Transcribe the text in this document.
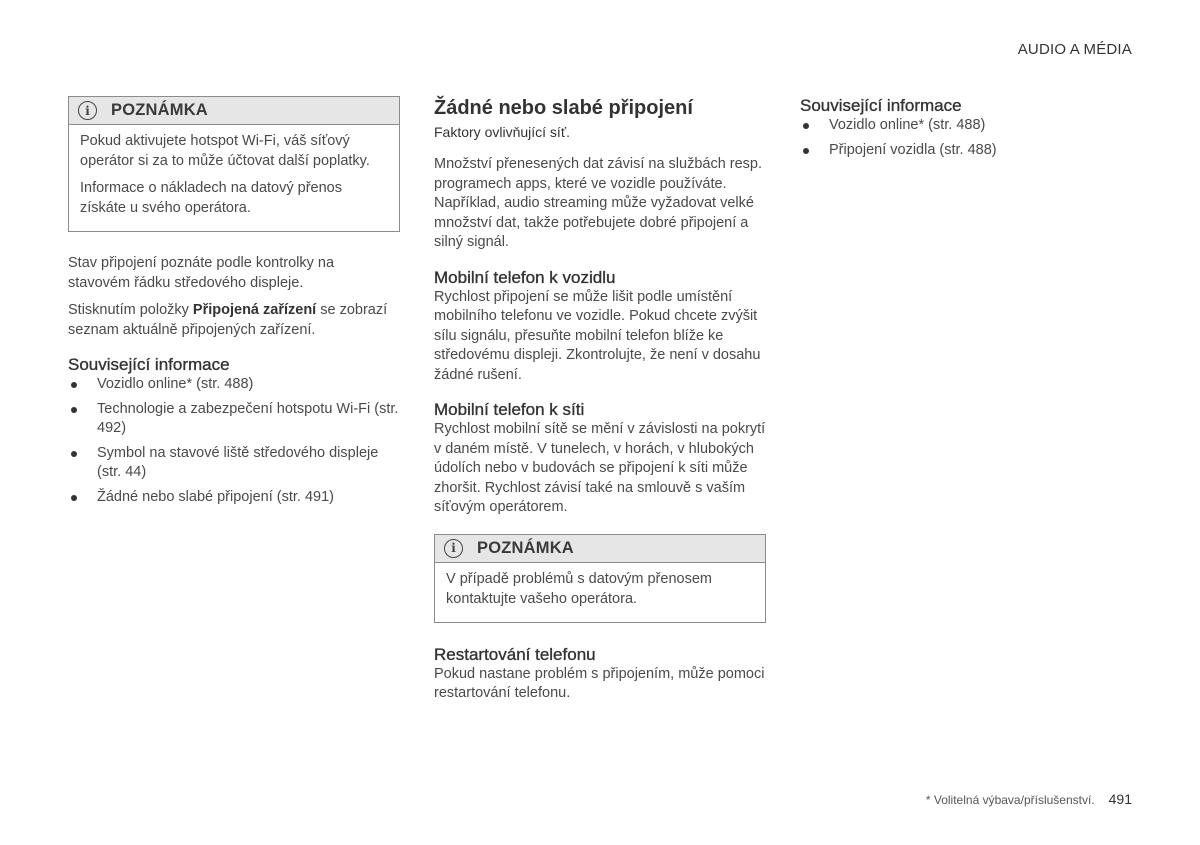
AUDIO A MÉDIA
i	POZNÁMKA

Pokud aktivujete hotspot Wi-Fi, váš síťový operátor si za to může účtovat další poplatky.

Informace o nákladech na datový přenos získáte u svého operátora.

Stav připojení poznáte podle kontrolky na stavovém řádku středového displeje.

Stisknutím položky Připojená zařízení se zobrazí seznam aktuálně připojených zařízení.

Související informace
Vozidlo online* (str. 488)
Technologie a zabezpečení hotspotu Wi-Fi (str. 492)
Symbol na stavové liště středového displeje (str. 44)
Žádné nebo slabé připojení (str. 491)
Žádné nebo slabé připojení

Faktory ovlivňující síť.

Množství přenesených dat závisí na službách resp. programech apps, které ve vozidle používáte. Například, audio streaming může vyžadovat velké množství dat, takže potřebujete dobré připojení a silný signál.

Mobilní telefon k vozidlu

Rychlost připojení se může lišit podle umístění mobilního telefonu ve vozidle. Pokud chcete zvýšit sílu signálu, přesuňte mobilní telefon blíže ke středovému displeji. Zkontrolujte, že není v dosahu žádné rušení.

Mobilní telefon k síti

Rychlost mobilní sítě se mění v závislosti na pokrytí v daném místě. V tunelech, v horách, v hlubokých údolích nebo v budovách se připojení k síti může zhoršit. Rychlost závisí také na smlouvě s vaším síťovým operátorem.

i	POZNÁMKA

V případě problémů s datovým přenosem kontaktujte vašeho operátora.

Restartování telefonu

Pokud nastane problém s připojením, může pomoci restartování telefonu.

Související informace
Vozidlo online* (str. 488)
Připojení vozidla (str. 488)
* Volitelná výbava/příslušenství. 491
